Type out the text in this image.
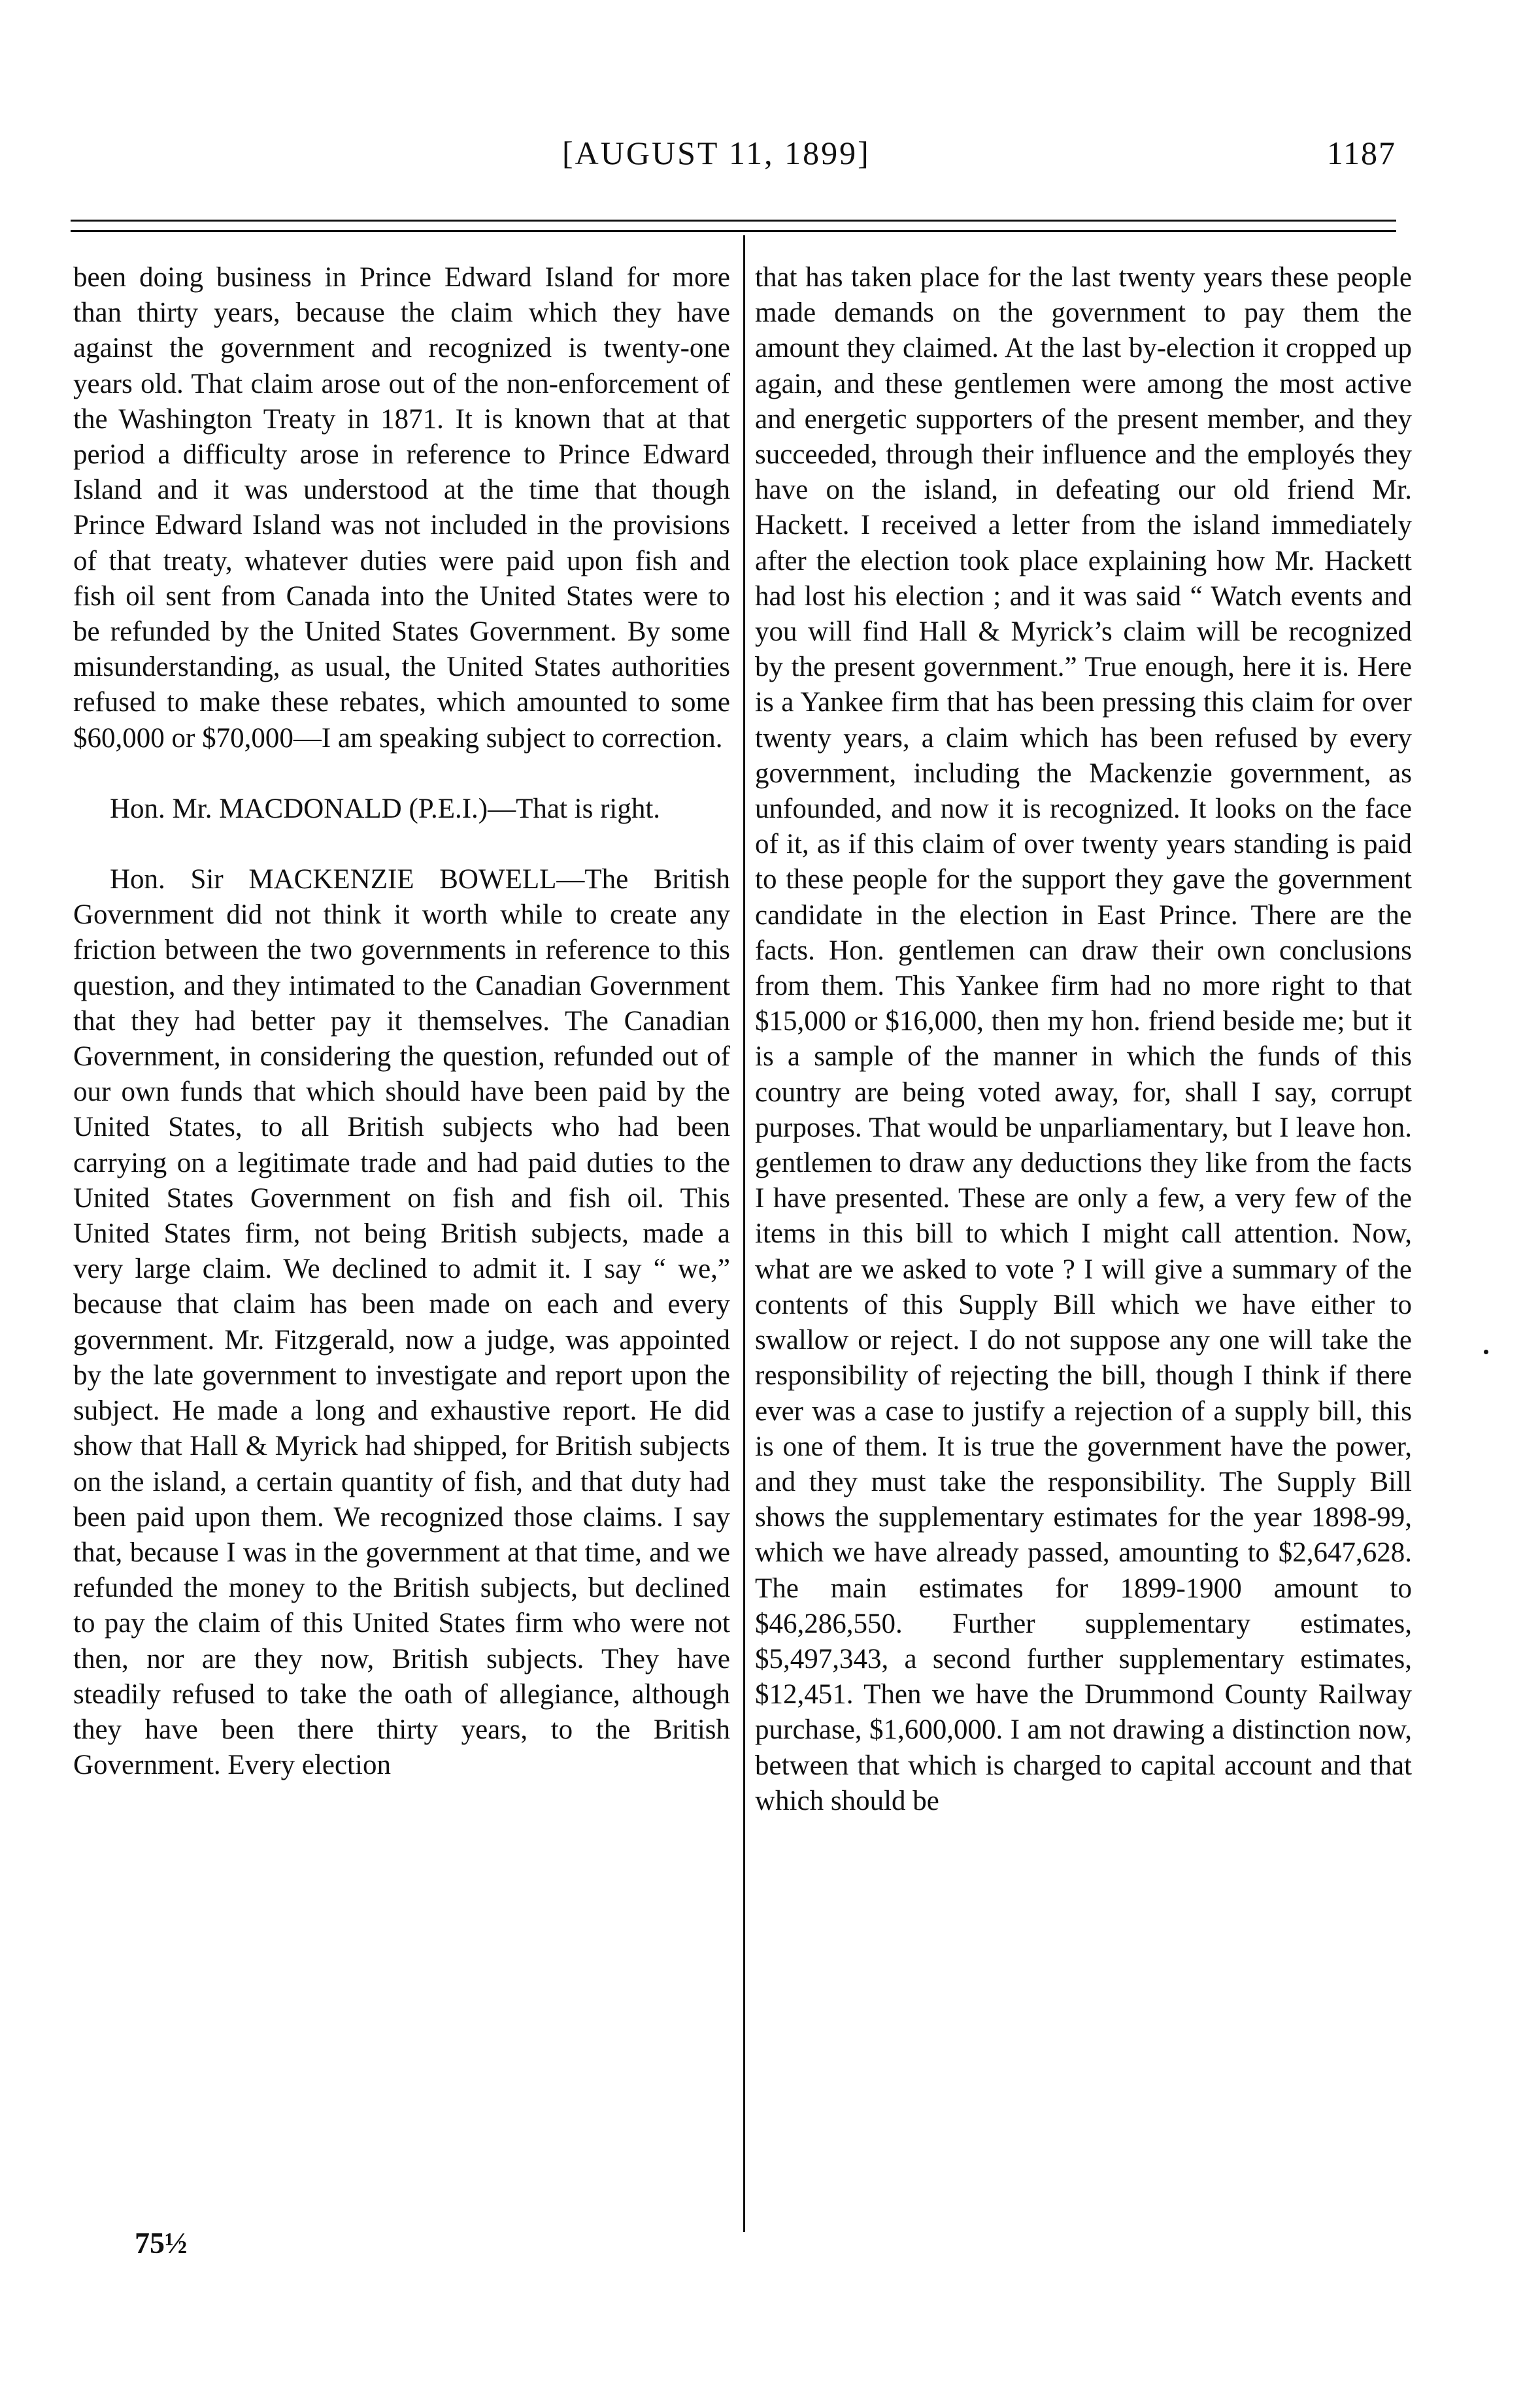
[AUGUST 11, 1899]	1187

been doing business in Prince Edward Island for more than thirty years, because the claim which they have against the government and recognized is twenty-one years old. That claim arose out of the non-enforcement of the Washington Treaty in 1871. It is known that at that period a difficulty arose in reference to Prince Edward Island and it was understood at the time that though Prince Edward Island was not included in the provisions of that treaty, whatever duties were paid upon fish and fish oil sent from Canada into the United States were to be refunded by the United States Government. By some misunderstanding, as usual, the United States authorities refused to make these rebates, which amounted to some $60,000 or $70,000—I am speaking subject to correction.

Hon. Mr. MACDONALD (P.E.I.)—That is right.

Hon. Sir MACKENZIE BOWELL—The British Government did not think it worth while to create any friction between the two governments in reference to this question, and they intimated to the Canadian Government that they had better pay it themselves. The Canadian Government, in considering the question, refunded out of our own funds that which should have been paid by the United States, to all British subjects who had been carrying on a legitimate trade and had paid duties to the United States Government on fish and fish oil. This United States firm, not being British subjects, made a very large claim. We declined to admit it. I say “ we,” because that claim has been made on each and every government. Mr. Fitzgerald, now a judge, was appointed by the late government to investigate and report upon the subject. He made a long and exhaustive report. He did show that Hall & Myrick had shipped, for British subjects on the island, a certain quantity of fish, and that duty had been paid upon them. We recognized those claims. I say that, because I was in the government at that time, and we refunded the money to the British subjects, but declined to pay the claim of this United States firm who were not then, nor are they now, British subjects. They have steadily refused to take the oath of allegiance, although they have been there thirty years, to the British Government. Every election

that has taken place for the last twenty years these people made demands on the government to pay them the amount they claimed. At the last by-election it cropped up again, and these gentlemen were among the most active and energetic supporters of the present member, and they succeeded, through their influence and the employés they have on the island, in defeating our old friend Mr. Hackett. I received a letter from the island immediately after the election took place explaining how Mr. Hackett had lost his election ; and it was said “ Watch events and you will find Hall & Myrick’s claim will be recognized by the present government.” True enough, here it is. Here is a Yankee firm that has been pressing this claim for over twenty years, a claim which has been refused by every government, including the Mackenzie government, as unfounded, and now it is recognized. It looks on the face of it, as if this claim of over twenty years standing is paid to these people for the support they gave the government candidate in the election in East Prince. There are the facts. Hon. gentlemen can draw their own conclusions from them. This Yankee firm had no more right to that $15,000 or $16,000, then my hon. friend beside me; but it is a sample of the manner in which the funds of this country are being voted away, for, shall I say, corrupt purposes. That would be unparliamentary, but I leave hon. gentlemen to draw any deductions they like from the facts I have presented. These are only a few, a very few of the items in this bill to which I might call attention. Now, what are we asked to vote ? I will give a summary of the contents of this Supply Bill which we have either to swallow or reject. I do not suppose any one will take the responsibility of rejecting the bill, though I think if there ever was a case to justify a rejection of a supply bill, this is one of them. It is true the government have the power, and they must take the responsibility. The Supply Bill shows the supplementary estimates for the year 1898-99, which we have already passed, amounting to $2,647,628. The main estimates for 1899-1900 amount to $46,286,550. Further supplementary estimates, $5,497,343, a second further supplementary estimates, $12,451. Then we have the Drummond County Railway purchase, $1,600,000. I am not drawing a distinction now, between that which is charged to capital account and that which should be

75½
